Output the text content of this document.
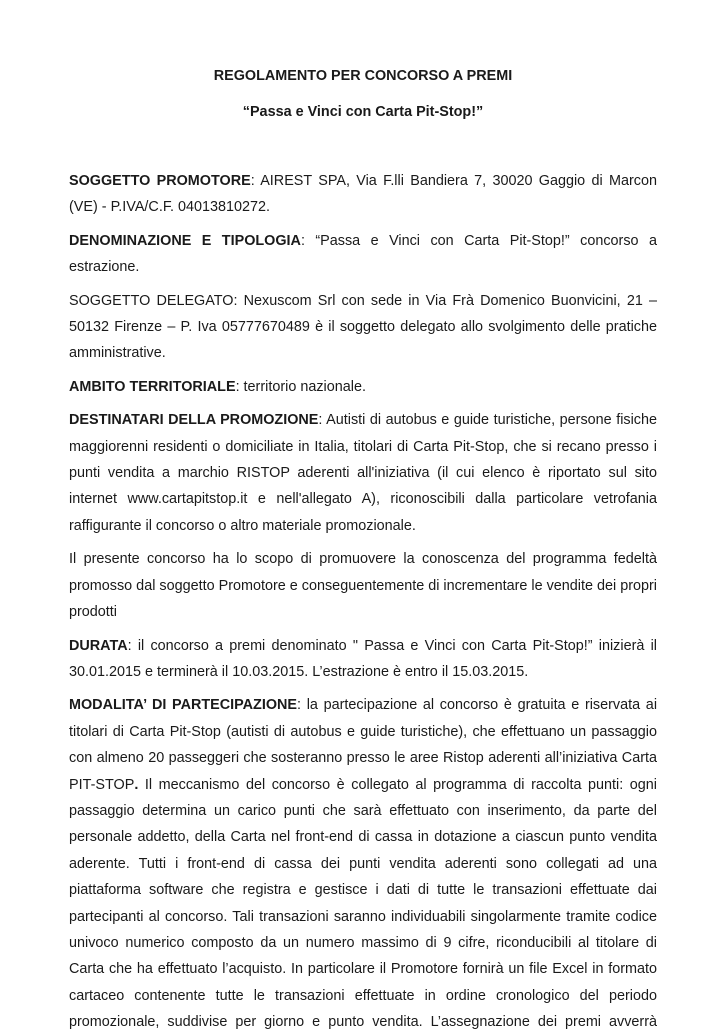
REGOLAMENTO PER CONCORSO A PREMI

“Passa e Vinci con Carta Pit-Stop!”

SOGGETTO PROMOTORE: AIREST SPA, Via F.lli Bandiera 7, 30020 Gaggio di Marcon (VE) - P.IVA/C.F. 04013810272.

DENOMINAZIONE E TIPOLOGIA: “Passa e Vinci con Carta Pit-Stop!” concorso a estrazione.

SOGGETTO DELEGATO: Nexuscom Srl con sede in Via Frà Domenico Buonvicini, 21 – 50132 Firenze – P. Iva 05777670489 è il soggetto delegato allo svolgimento delle pratiche amministrative.

AMBITO TERRITORIALE: territorio nazionale.

DESTINATARI DELLA PROMOZIONE: Autisti di autobus e guide turistiche, persone fisiche maggiorenni residenti o domiciliate in Italia, titolari di Carta Pit-Stop, che si recano presso i punti vendita a marchio RISTOP aderenti all'iniziativa (il cui elenco è riportato sul sito internet www.cartapitstop.it e nell'allegato A), riconoscibili dalla particolare vetrofania raffigurante il concorso o altro materiale promozionale.

Il presente concorso ha lo scopo di promuovere la conoscenza del programma fedeltà promosso dal soggetto Promotore e conseguentemente di incrementare le vendite dei propri prodotti

DURATA: il concorso a premi denominato " Passa e Vinci con Carta Pit-Stop!” inizierà il 30.01.2015 e terminerà il 10.03.2015. L’estrazione è entro il 15.03.2015.

MODALITA’ DI PARTECIPAZIONE: la partecipazione al concorso è gratuita e riservata ai titolari di Carta Pit-Stop (autisti di autobus e guide turistiche), che effettuano un passaggio con almeno 20 passeggeri che sosteranno presso le aree Ristop aderenti all’iniziativa Carta PIT-STOP. Il meccanismo del concorso è collegato al programma di raccolta punti: ogni passaggio determina un carico punti che sarà effettuato con inserimento, da parte del personale addetto, della Carta nel front-end di cassa in dotazione a ciascun punto vendita aderente. Tutti i front-end di cassa dei punti vendita aderenti sono collegati ad una piattaforma software che registra e gestisce i dati di tutte le transazioni effettuate dai partecipanti al concorso. Tali transazioni saranno individuabili singolarmente tramite codice univoco numerico composto da un numero massimo di 9 cifre, riconducibili al titolare di Carta che ha effettuato l’acquisto. In particolare il Promotore fornirà un file Excel in formato cartaceo contenente tutte le transazioni effettuate in ordine cronologico del periodo promozionale, suddivise per giorno e punto vendita. L’assegnazione dei premi avverrà
